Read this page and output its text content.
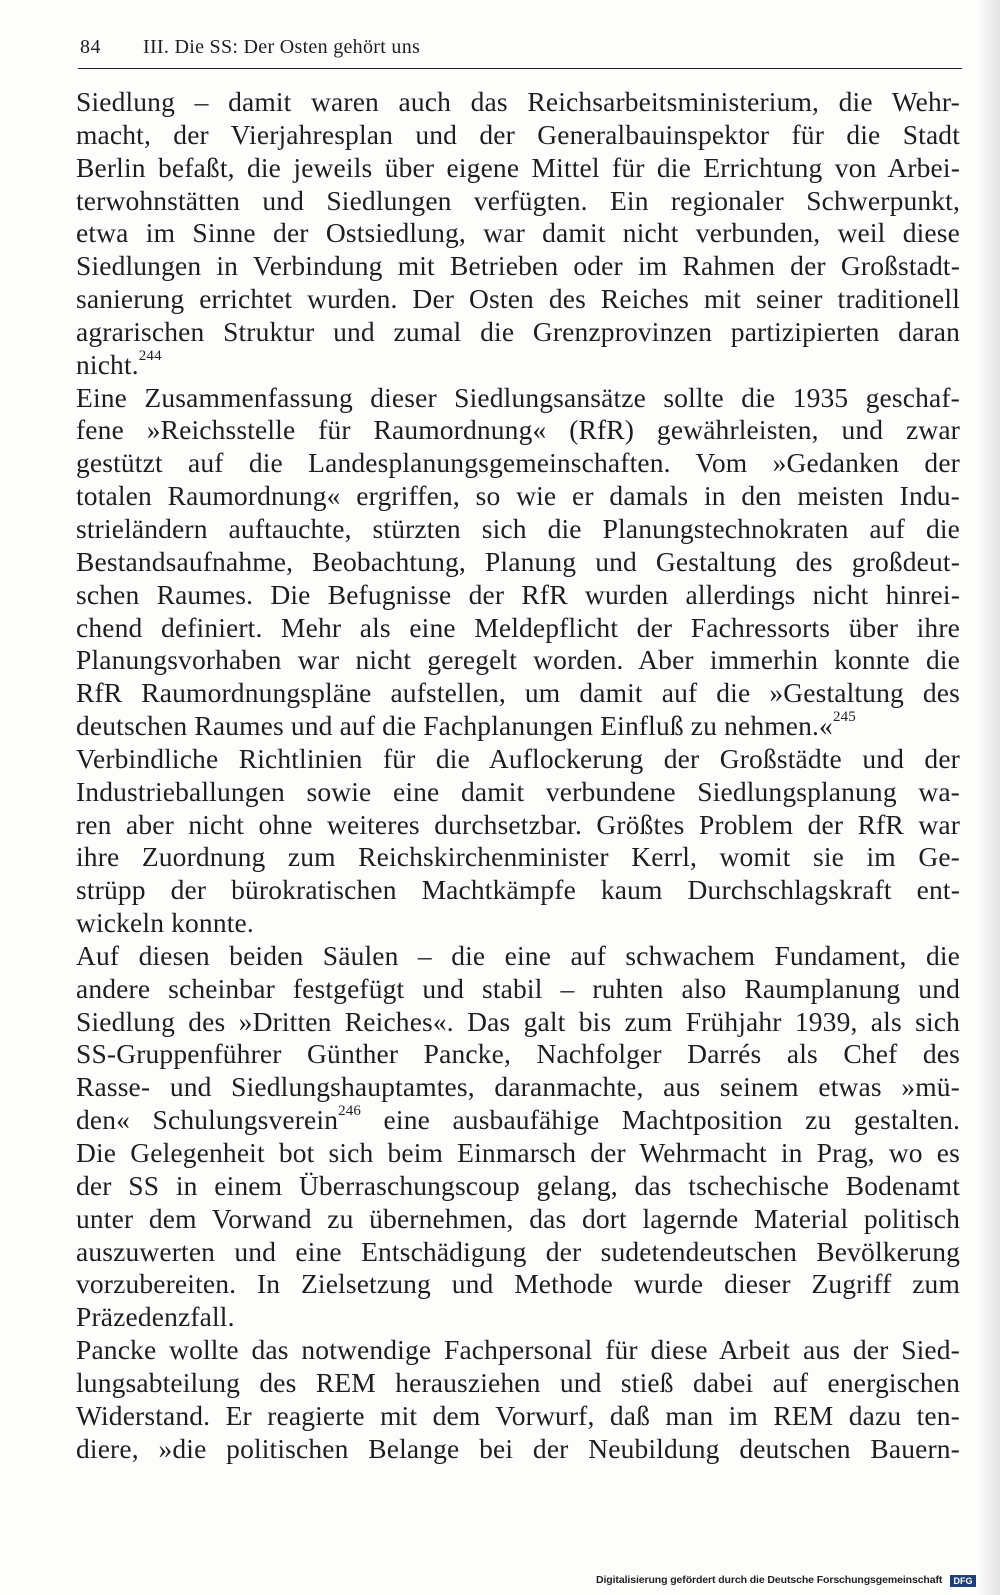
84 III. Die SS: Der Osten gehört uns
Siedlung – damit waren auch das Reichsarbeitsministerium, die Wehr-
macht, der Vierjahresplan und der Generalbauinspektor für die Stadt
Berlin befaßt, die jeweils über eigene Mittel für die Errichtung von Arbei-
terwohnstätten und Siedlungen verfügten. Ein regionaler Schwerpunkt,
etwa im Sinne der Ostsiedlung, war damit nicht verbunden, weil diese
Siedlungen in Verbindung mit Betrieben oder im Rahmen der Großstadt-
sanierung errichtet wurden. Der Osten des Reiches mit seiner traditionell
agrarischen Struktur und zumal die Grenzprovinzen partizipierten daran
nicht.$^{244}$
Eine Zusammenfassung dieser Siedlungsansätze sollte die 1935 geschaf-
fene »Reichsstelle für Raumordnung« (RfR) gewährleisten, und zwar
gestützt auf die Landesplanungsgemeinschaften. Vom »Gedanken der
totalen Raumordnung« ergriffen, so wie er damals in den meisten Indu-
strieländern auftauchte, stürzten sich die Planungstechnokraten auf die
Bestandsaufnahme, Beobachtung, Planung und Gestaltung des großdeut-
schen Raumes. Die Befugnisse der RfR wurden allerdings nicht hinrei-
chend definiert. Mehr als eine Meldepflicht der Fachressorts über ihre
Planungsvorhaben war nicht geregelt worden. Aber immerhin konnte die
RfR Raumordnungspläne aufstellen, um damit auf die »Gestaltung des
deutschen Raumes und auf die Fachplanungen Einfluß zu nehmen.«$^{245}$
Verbindliche Richtlinien für die Auflockerung der Großstädte und der
Industrieballungen sowie eine damit verbundene Siedlungsplanung wa-
ren aber nicht ohne weiteres durchsetzbar. Größtes Problem der RfR war
ihre Zuordnung zum Reichskirchenminister Kerrl, womit sie im Ge-
strüpp der bürokratischen Machtkämpfe kaum Durchschlagskraft ent-
wickeln konnte.
Auf diesen beiden Säulen – die eine auf schwachem Fundament, die
andere scheinbar festgefügt und stabil – ruhten also Raumplanung und
Siedlung des »Dritten Reiches«. Das galt bis zum Frühjahr 1939, als sich
SS-Gruppenführer Günther Pancke, Nachfolger Darrés als Chef des
Rasse- und Siedlungshauptamtes, daranmachte, aus seinem etwas »mü-
den« Schulungsverein$^{246}$ eine ausbaufähige Machtposition zu gestalten.
Die Gelegenheit bot sich beim Einmarsch der Wehrmacht in Prag, wo es
der SS in einem Überraschungscoup gelang, das tschechische Bodenamt
unter dem Vorwand zu übernehmen, das dort lagernde Material politisch
auszuwerten und eine Entschädigung der sudetendeutschen Bevölkerung
vorzubereiten. In Zielsetzung und Methode wurde dieser Zugriff zum
Präzedenzfall.
Pancke wollte das notwendige Fachpersonal für diese Arbeit aus der Sied-
lungsabteilung des REM herausziehen und stieß dabei auf energischen
Widerstand. Er reagierte mit dem Vorwurf, daß man im REM dazu ten-
diere, »die politischen Belange bei der Neubildung deutschen Bauern-
Digitalisierung gefördert durch die Deutsche Forschungsgemeinschaft	DFG
